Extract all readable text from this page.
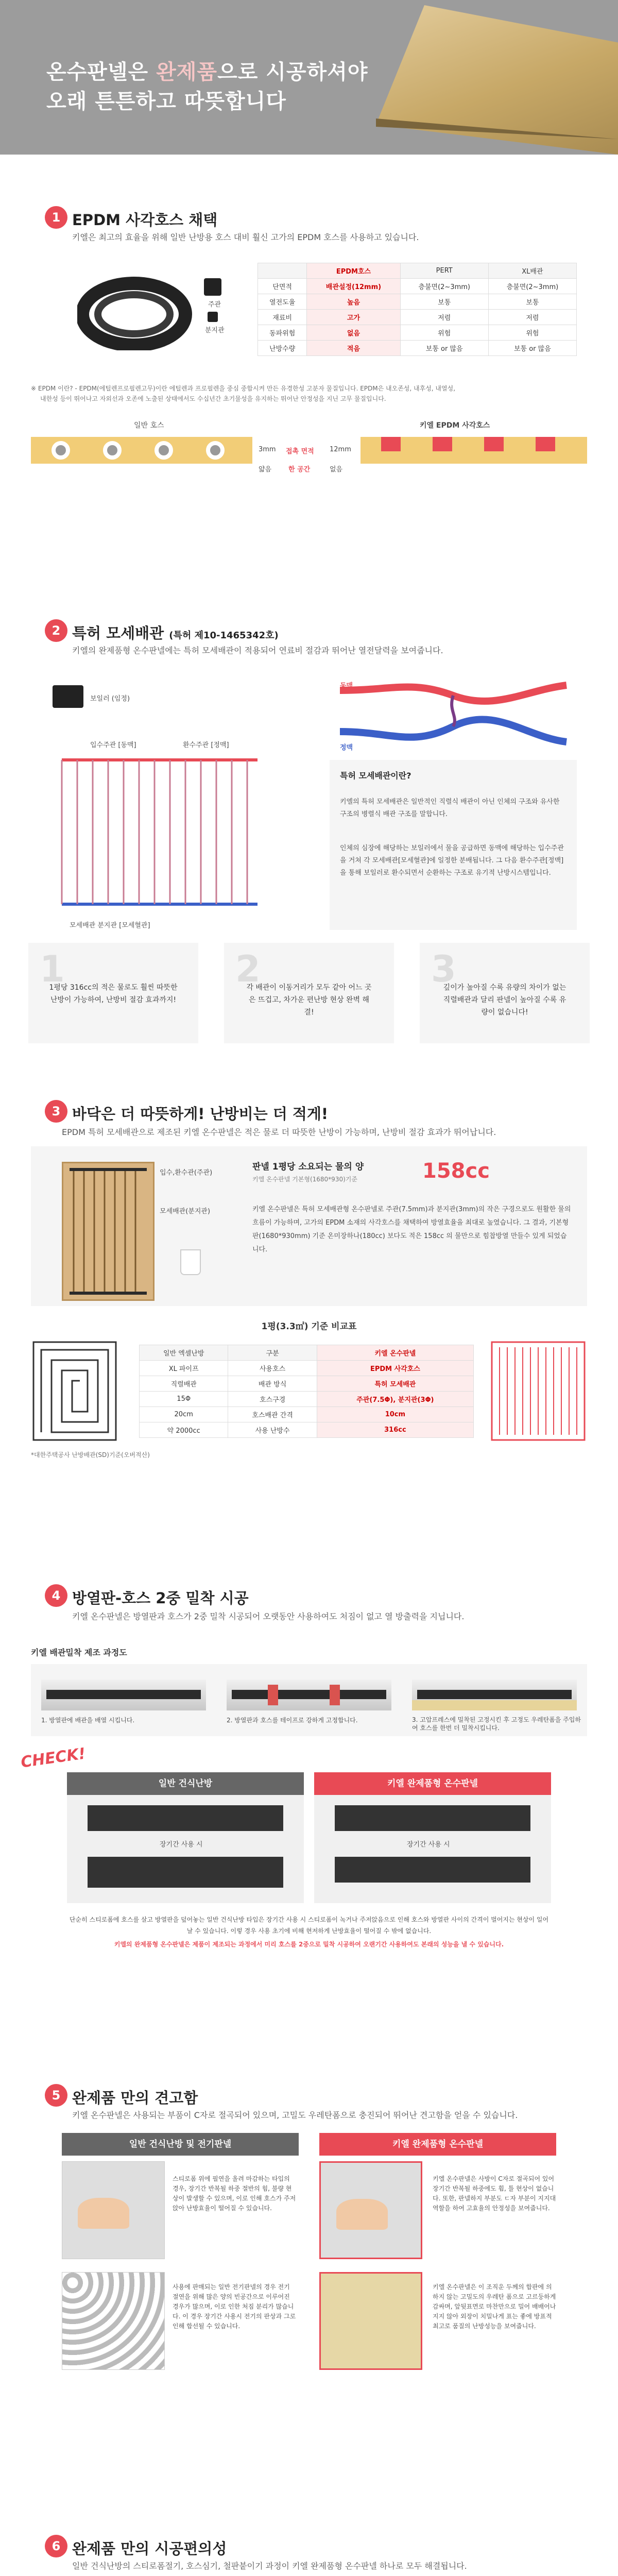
온수판넬은 완제품으로 시공하셔야
오래 튼튼하고 따뜻합니다
1 EPDM 사각호스 채택
키엘은 최고의 효율을 위해 일반 난방용 호스 대비 훨신 고가의 EPDM 호스를 사용하고 있습니다.
주관
분지관
	EPDM호스	PERT	XL배관
단면적	배관설정(12mm)	층불면(2~3mm)	층불면(2~3mm)
열전도율	높음	보통	보통
재료비	고가	저렴	저렴
동파위험	없음	위험	위험
난방수량	적음	보통 or 많음	보통 or 많음
※ EPDM 이란? - EPDM(에틸렌프로필렌고무)이란 에틸렌과 프로필렌을 중심 중합시켜 만든 유경한성 고분자 물질입니다. EPDM은 내오존성, 내후성, 내열성,
내한성 등이 뛰어나고 자외선과 오존에 노출된 상태에서도 수십년간 초기물성을 유지하는 뛰어난 안정성을 지닌 고무 물질입니다.
일반 호스	키엘 EPDM 사각호스
3mm 접촉 면적 12mm
얇음	한 공간	없음
2 특허 모세배관 (특허 제10-1465342호)
키엘의 완제품형 온수판넬에는 특허 모세배관이 적용되어 연료비 절감과 뛰어난 열전달력을 보여줍니다.
보일러 (임정)
입수주관 [동맥]	환수주관 [정맥]
모세배관 분지관 [모세혈관]
동맥
정맥
특허 모세배관이란?
키엘의 특허 모세배관은 일반적인 직렬식 배관이 아닌 인체의 구조와 유사한 구조의 병렬식 배관 구조를 말합니다.
인체의 심장에 해당하는 보일러에서 물을 공급하면 동맥에 해당하는 입수주관을 거쳐 각 모세배관[모세혈관]에 일정한 분배됩니다. 그 다음 환수주관[정맥]을 통해 보일러로 환수되면서 순환하는 구조로 유기적 난방시스템입니다.
1
1평당 316cc의 적은 물로도 훨씬 따뜻한 난방이 가능하여, 난방비 절감 효과까지!
2
각 배관이 이동거리가 모두 같아 어느 곳은 뜨겁고, 차가운 편난방 현상 완벽 해결!
3
깊이가 높아질 수록 유량의 차이가 없는 직렬배관과 달리 판넬이 높아질 수록 유량이 없습니다!
3 바닥은 더 따뜻하게! 난방비는 더 적게!
EPDM 특허 모세배관으로 제조된 키엘 온수판넬은 적은 물로 더 따뜻한 난방이 가능하며, 난방비 절감 효과가 뛰어납니다.
입수,환수관(주관)
모세배관(분지관)
판넬 1평당 소요되는 물의 양
키엘 온수판넬 기본형(1680*930)기준	158cc
키엘 온수판넬은 특허 모세배관형 온수판넬로 주관(7.5mm)과 분지관(3mm)의 작은 구경으로도 원활한 물의 흐름이 가능하며, 고가의 EPDM 소재의 사각호스를 채택하여 방열효율을 최대로 높였습니다. 그 결과, 기본형판(1680*930mm) 기준 온미장하나(180cc) 보다도 적은 158cc 의 물만으로 힘찹방열 만들수 있게 되었습니다.
1평(3.3㎡) 기준 비교표
일반 엑셀난방	구분	키엘 온수판넬
XL 파이프	사용호스	EPDM 사각호스
직렬배관	배관 방식	특허 모세배관
15Φ	호스구경	주관(7.5Φ), 분지관(3Φ)
20cm	호스배관 간격	10cm
약 2000cc	사용 난방수	316cc
*대한주택공사 난방배관(SD)기준(오버적산)
4 방열판-호스 2중 밀착 시공
키엘 온수판넬은 방열판과 호스가 2중 밀착 시공되어 오랫동안 사용하여도 처짐이 없고 열 방출력을 지닙니다.
키엘 배관밀착 제조 과정도
1. 방열판에 배관을 배열 시킵니다.	2. 방열판과 호스를 테이프로 강하게 고정합니다.	3. 고압프레스에 밀착된 고정시킨 후 고정도 우레탄폼을 주입하여 호스를 한번 더 밀착시킵니다.
CHECK!
일반 건식난방	키엘 완제품형 온수판넬
장기간 사용 시	장기간 사용 시
단순히 스티로폼에 호스를 살고 방열판을 덮어놓는 일반 건식난방 타입은 장기간 사용 시 스티로폼이 녹거나 주저앉음으로 인해 호스와 방열판 사이의 간격이 벌어지는 현상이 일어날 수 있습니다. 이렇 경우 사용 초기에 비해 현저하게 난방효율이 떨어질 수 밖에 없습니다.
키엘의 완제품형 온수판넬은 제품이 제조되는 과정에서 미리 호스를 2중으로 밀착 시공하여 오랜기간 사용하여도 본래의 성능을 낼 수 있습니다.
5 완제품 만의 견고함
키엘 온수판넬은 사용되는 부품이 C자로 절곡되어 있으며, 고밀도 우레탄폼으로 충진되어 뛰어난 견고함을 얻을 수 있습니다.
일반 건식난방 및 전기판넬	키엘 완제품형 온수판넬
스티로폼 위에 필연을 올려 마감하는 타입의 경우, 장기간 반복될 하중 절반의 힘, 불량 현상이 발생할 수 있으며, 이로 인해 호스가 주저앉아 난방효율이 떨어질 수 있습니다.
키엘 온수판넬은 사방이 C자로 절곡되어 있어 장기간 반복될 하중에도 휨, 틀 현상이 없습니다. 또한, 판넬하지 부분도 ㄷ자 부분이 지지대 역할을 하여 고효율의 안정성을 보여줍니다.
사용에 판매되는 일반 전기판넬의 경우 전기 절연을 위해 많은 양의 빈공간으로 이루어진 경우가 많으며, 이로 인한 처짐 분리가 많습니다. 이 경우 장기간 사용시 전기의 판상과 그로인해 합선될 수 있습니다.
키엘 온수판넬은 이 조직운 두께의 합판에 의하지 않는 고밀도의 우레탄 폼으로 고르둥하게 감싸며, 앞뒷표면로 마찬만으로 밀어 배배어나지지 않아 외장이 치밀나게 표는 좋에 방표적 최고로 품질의 난방성능을 보여줍니다.
6 완제품 만의 시공편의성
일반 건식난방의 스티로폼절기, 호스심기, 철판붙이기 과정이 키엘 완제품형 온수판넬 하나로 모두 해결됩니다.
